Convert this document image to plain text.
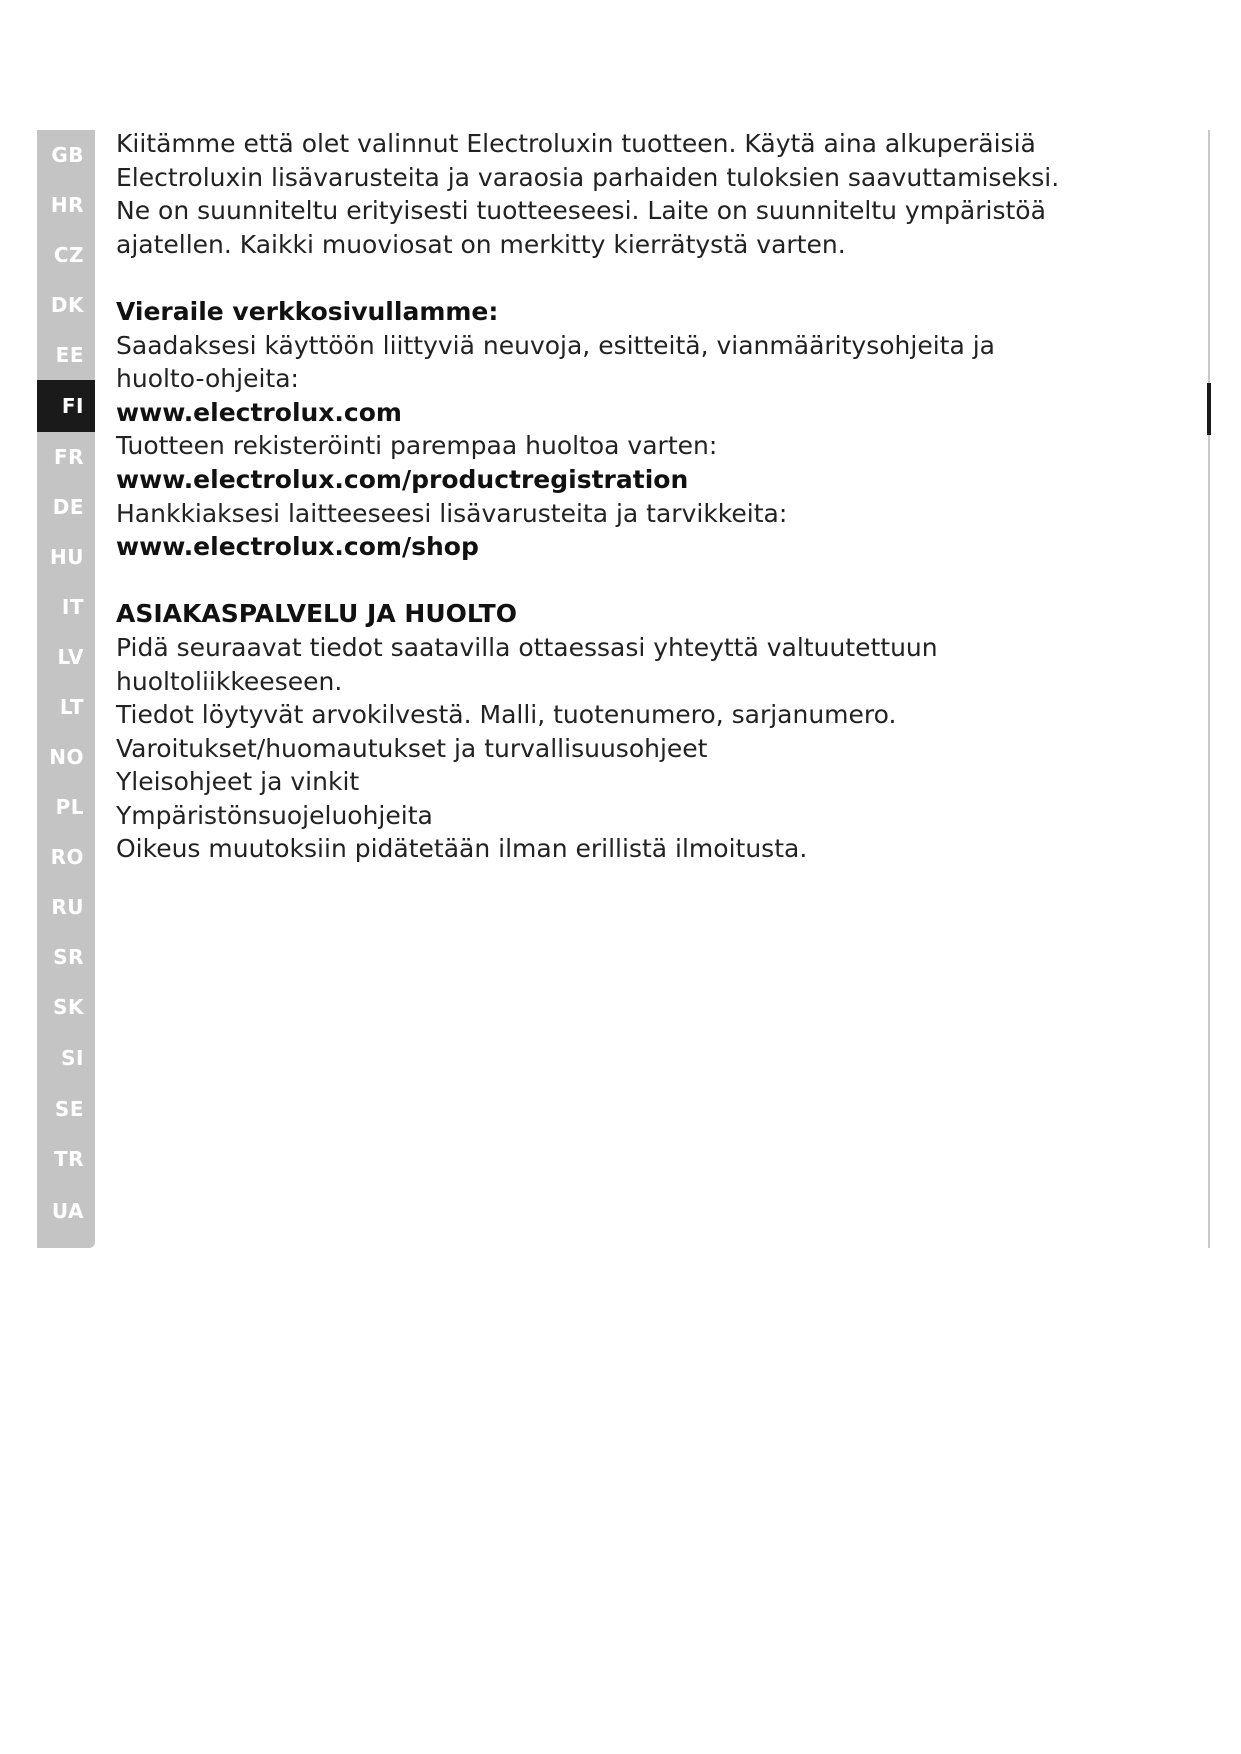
GB
HR
CZ
DK
EE
FI
FR
DE
HU
IT
LV
LT
NO
PL
RO
RU
SR
SK
SI
SE
TR
UA

Kiitämme että olet valinnut Electroluxin tuotteen. Käytä aina alkuperäisiä

Electroluxin lisävarusteita ja varaosia parhaiden tuloksien saavuttamiseksi.

Ne on suunniteltu erityisesti tuotteeseesi. Laite on suunniteltu ympäristöä

ajatellen. Kaikki muoviosat on merkitty kierrätystä varten.

Vieraile verkkosivullamme:

Saadaksesi käyttöön liittyviä neuvoja, esitteitä, vianmääritysohjeita ja

huolto-ohjeita:

www.electrolux.com

Tuotteen rekisteröinti parempaa huoltoa varten:

www.electrolux.com/productregistration

Hankkiaksesi laitteeseesi lisävarusteita ja tarvikkeita:

www.electrolux.com/shop

ASIAKASPALVELU JA HUOLTO

Pidä seuraavat tiedot saatavilla ottaessasi yhteyttä valtuutettuun

huoltoliikkeeseen.

Tiedot löytyvät arvokilvestä. Malli, tuotenumero, sarjanumero.

Varoitukset/huomautukset ja turvallisuusohjeet

Yleisohjeet ja vinkit

Ympäristönsuojeluohjeita

Oikeus muutoksiin pidätetään ilman erillistä ilmoitusta.
